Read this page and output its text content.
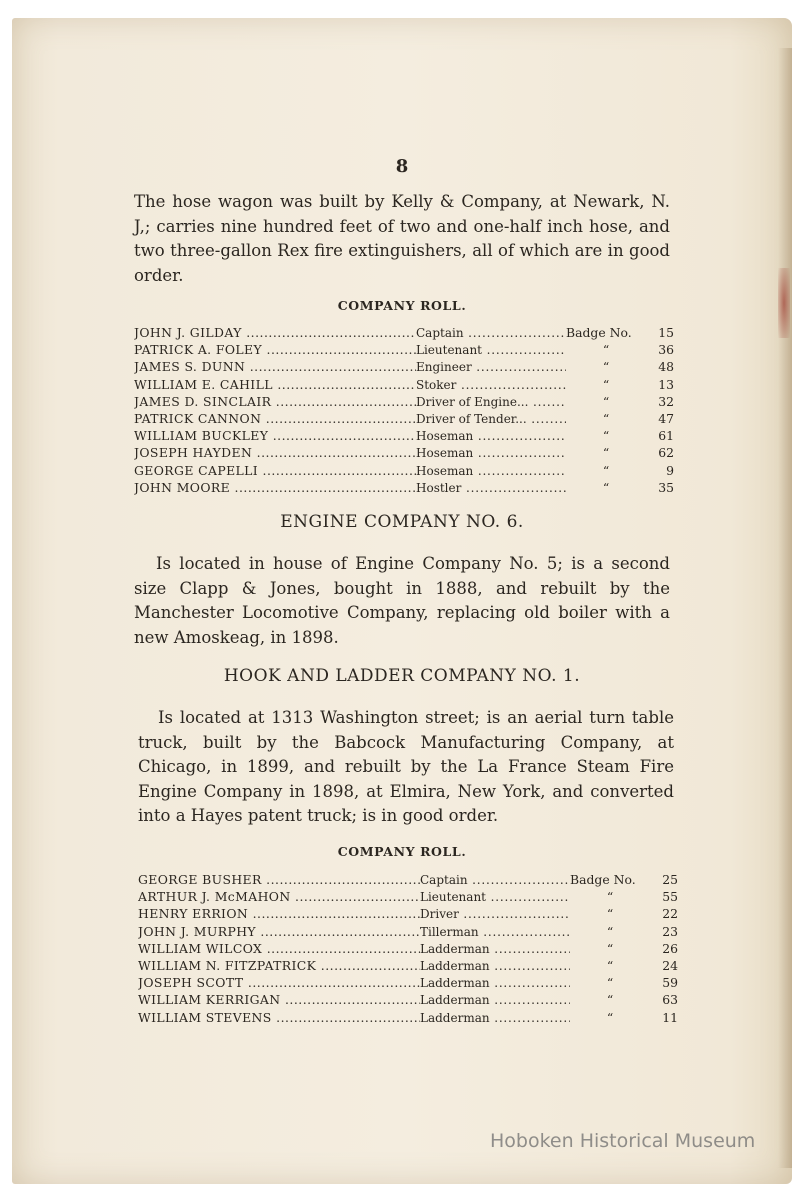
8

The hose wagon was built by Kelly & Company, at Newark, N. J,; carries nine hundred feet of two and one-half inch hose, and two three-gallon Rex fire extinguishers, all of which are in good order.

COMPANY ROLL.
JOHN J. GILDAY .....	Captain .....	Badge No.	15
PATRICK A. FOLEY .....	Lieutenant .....	“	36
JAMES S. DUNN .....	Engineer .....	“	48
WILLIAM E. CAHILL .....	Stoker .....	“	13
JAMES D. SINCLAIR .....	Driver of Engine... .....	“	32
PATRICK CANNON .....	Driver of Tender... .....	“	47
WILLIAM BUCKLEY .....	Hoseman .....	“	61
JOSEPH HAYDEN .....	Hoseman .....	“	62
GEORGE CAPELLI .....	Hoseman .....	“	9
JOHN MOORE .....	Hostler .....	“	35
ENGINE COMPANY NO. 6.

Is located in house of Engine Company No. 5; is a second size Clapp & Jones, bought in 1888, and rebuilt by the Manchester Locomotive Company, replacing old boiler with a new Amoskeag, in 1898.

HOOK AND LADDER COMPANY NO. 1.

Is located at 1313 Washington street; is an aerial turn table truck, built by the Babcock Manufacturing Company, at Chicago, in 1899, and rebuilt by the La France Steam Fire Engine Company in 1898, at Elmira, New York, and converted into a Hayes patent truck; is in good order.

COMPANY ROLL.
GEORGE BUSHER .....	Captain .....	Badge No.	25
ARTHUR J. McMAHON .....	Lieutenant .....	“	55
HENRY ERRION .....	Driver .....	“	22
JOHN J. MURPHY .....	Tillerman .....	“	23
WILLIAM WILCOX .....	Ladderman .....	“	26
WILLIAM N. FITZPATRICK .....	Ladderman .....	“	24
JOSEPH SCOTT .....	Ladderman .....	“	59
WILLIAM KERRIGAN .....	Ladderman .....	“	63
WILLIAM STEVENS .....	Ladderman .....	“	11
Hoboken Historical Museum
